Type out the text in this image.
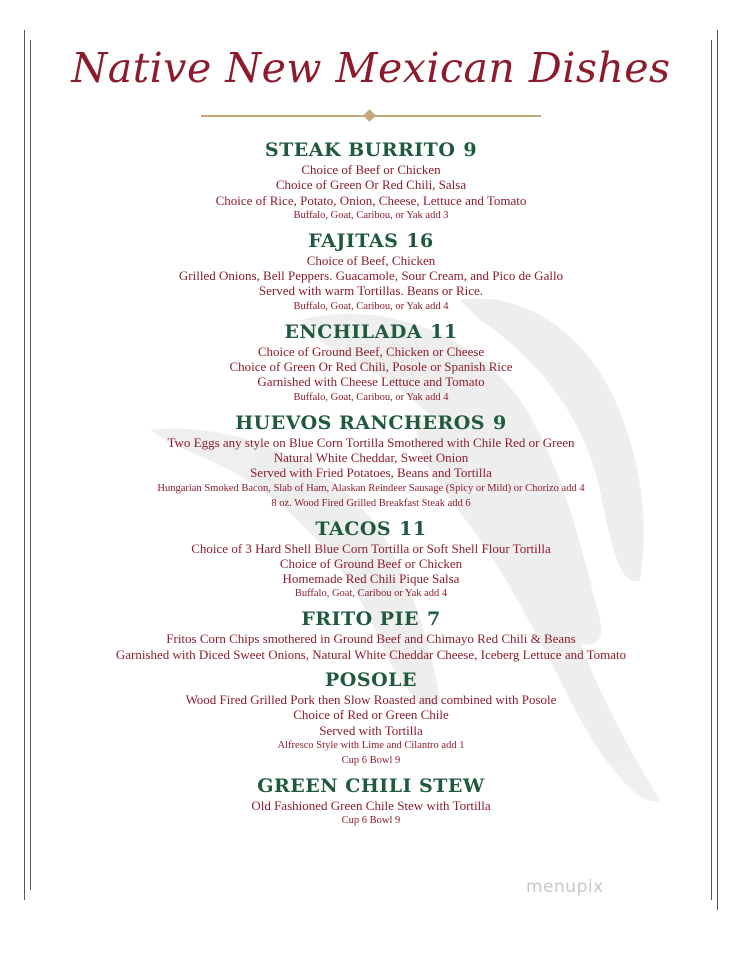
Native New Mexican Dishes
STEAK BURRITO 9
Choice of Beef or Chicken
Choice of Green Or Red Chili, Salsa
Choice of Rice, Potato, Onion, Cheese, Lettuce and Tomato
Buffalo, Goat, Caribou, or Yak add 3
FAJITAS 16
Choice of Beef, Chicken
Grilled Onions, Bell Peppers. Guacamole, Sour Cream, and Pico de Gallo
Served with warm Tortillas. Beans or Rice.
Buffalo, Goat, Caribou, or Yak add 4
ENCHILADA 11
Choice of Ground Beef, Chicken or Cheese
Choice of Green Or Red Chili, Posole or Spanish Rice
Garnished with Cheese Lettuce and Tomato
Buffalo, Goat, Caribou, or Yak add 4
HUEVOS RANCHEROS 9
Two Eggs any style on Blue Corn Tortilla Smothered with Chile Red or Green
Natural White Cheddar, Sweet Onion
Served with Fried Potatoes, Beans and Tortilla
Hungarian Smoked Bacon, Slab of Ham, Alaskan Reindeer Sausage (Spicy or Mild) or Chorizo add 4
8 oz. Wood Fired Grilled Breakfast Steak add 6
TACOS 11
Choice of 3 Hard Shell Blue Corn Tortilla or Soft Shell Flour Tortilla
Choice of Ground Beef or Chicken
Homemade Red Chili Pique Salsa
Buffalo, Goat, Caribou or Yak add 4
FRITO PIE 7
Fritos Corn Chips smothered in Ground Beef and Chimayo Red Chili & Beans
Garnished with Diced Sweet Onions, Natural White Cheddar Cheese, Iceberg Lettuce and Tomato
POSOLE
Wood Fired Grilled Pork then Slow Roasted and combined with Posole
Choice of Red or Green Chile
Served with Tortilla
Alfresco Style with Lime and Cilantro add 1
Cup 6 Bowl 9
GREEN CHILI STEW
Old Fashioned Green Chile Stew with Tortilla
Cup 6 Bowl 9
menupix
